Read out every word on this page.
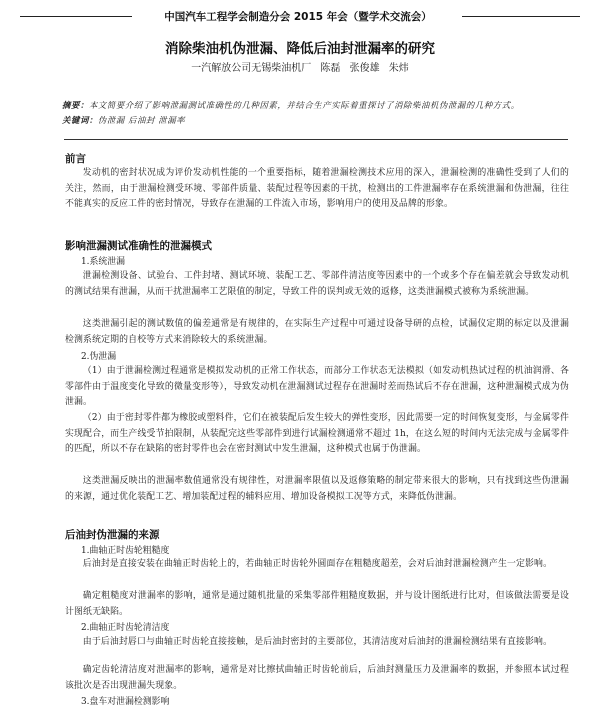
中国汽车工程学会制造分会 2015 年会（暨学术交流会）
消除柴油机伪泄漏、降低后油封泄漏率的研究
一汽解放公司无锡柴油机厂 陈磊 张俊雄 朱炜
摘要：本文简要介绍了影响泄漏测试准确性的几种因素，并结合生产实际着重探讨了消除柴油机伪泄漏的几种方式。
关键词：伪泄漏 后油封 泄漏率
前言
发动机的密封状况成为评价发动机性能的一个重要指标，随着泄漏检测技术应用的深入，泄漏检测的准确性受到了人们的关注，然而，由于泄漏检测受环境、零部件质量、装配过程等因素的干扰，检测出的工件泄漏率存在系统泄漏和伪泄漏，往往不能真实的反应工件的密封情况，导致存在泄漏的工件流入市场，影响用户的使用及品牌的形象。
影响泄漏测试准确性的泄漏模式
1.系统泄漏
泄漏检测设备、试验台、工件封堵、测试环境、装配工艺、零部件清洁度等因素中的一个或多个存在偏差就会导致发动机的测试结果有泄漏，从而干扰泄漏率工艺限值的制定，导致工件的误判或无效的返修，这类泄漏模式被称为系统泄漏。
这类泄漏引起的测试数值的偏差通常是有规律的，在实际生产过程中可通过设备导研的点检，试漏仪定期的标定以及泄漏检测系统定期的自校等方式来消除较大的系统泄漏。
2.伪泄漏
（1）由于泄漏检测过程通常是模拟发动机的正常工作状态，而部分工作状态无法模拟（如发动机热试过程的机油润滑、各零部件由于温度变化导致的微量变形等），导致发动机在泄漏测试过程存在泄漏时差而热试后不存在泄漏，这种泄漏模式成为伪泄漏。
（2）由于密封零件都为橡胶或塑料件，它们在被装配后发生较大的弹性变形，因此需要一定的时间恢复变形，与金属零件实现配合，而生产线受节拍限制，从装配完这些零部件到进行试漏检测通常不超过 1h，在这么短的时间内无法完成与金属零件的匹配，所以不存在缺陷的密封零件也会在密封测试中发生泄漏，这种模式也属于伪泄漏。
这类泄漏反映出的泄漏率数值通常没有规律性，对泄漏率限值以及返修策略的制定带来很大的影响，只有找到这些伪泄漏的来源，通过优化装配工艺、增加装配过程的辅料应用、增加设备模拟工况等方式，来降低伪泄漏。
后油封伪泄漏的来源
1.曲轴正时齿轮粗糙度
后油封是直接安装在曲轴正时齿轮上的，若曲轴正时齿轮外圆面存在粗糙度超差，会对后油封泄漏检测产生一定影响。
确定粗糙度对泄漏率的影响，通常是通过随机批量的采集零部件粗糙度数据，并与设计图纸进行比对，但该做法需要是设计图纸无缺陷。
2.曲轴正时齿轮清洁度
由于后油封唇口与曲轴正时齿轮直接接触，是后油封密封的主要部位，其清洁度对后油封的泄漏检测结果有直接影响。
确定齿轮清洁度对泄漏率的影响，通常是对比擦拭曲轴正时齿轮前后，后油封测量压力及泄漏率的数据，并参照本试过程该批次是否出现泄漏失现象。
3.盘车对泄漏检测影响
